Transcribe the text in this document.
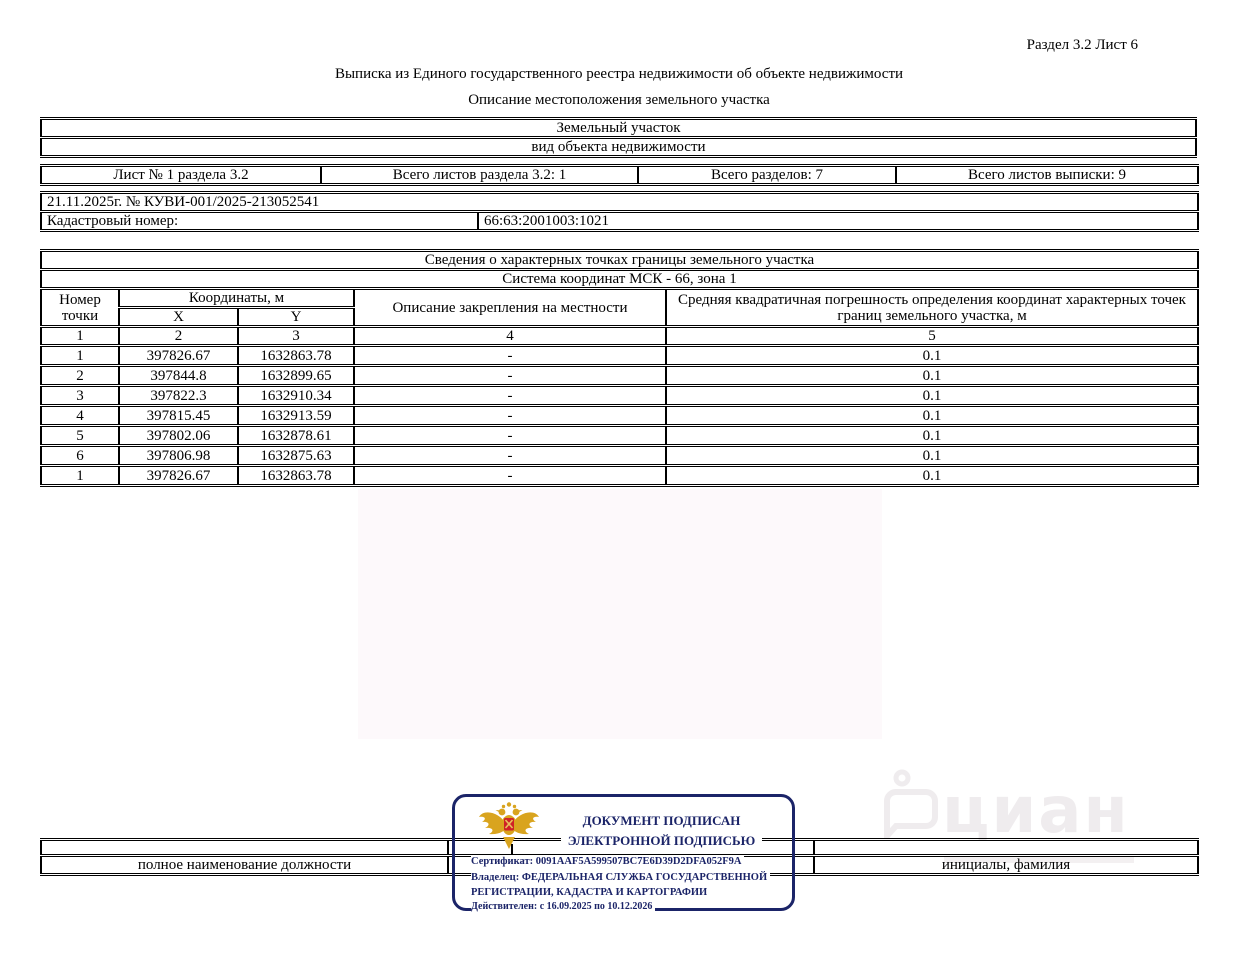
Раздел 3.2 Лист 6
Выписка из Единого государственного реестра недвижимости об объекте недвижимости
Описание местоположения земельного участка
Земельный участок
вид объекта недвижимости
Лист № 1 раздела 3.2	Всего листов раздела 3.2: 1	Всего разделов: 7	Всего листов выписки: 9
21.11.2025г. № КУВИ-001/2025-213052541
Кадастровый номер:	66:63:2001003:1021
Сведения о характерных точках границы земельного участка				
Система координат МСК - 66, зона 1				
Номер точки	Координаты, м		Описание закрепления на местности	Средняя квадратичная погрешность определения координат характерных точек границ земельного участка, м
	X	Y		
1	2	3	4	5
1	397826.67	1632863.78	-	0.1
2	397844.8	1632899.65	-	0.1
3	397822.3	1632910.34	-	0.1
4	397815.45	1632913.59	-	0.1
5	397802.06	1632878.61	-	0.1
6	397806.98	1632875.63	-	0.1
1	397826.67	1632863.78	-	0.1
циан

полное наименование должности		инициалы, фамилия
ДОКУМЕНТ ПОДПИСАН
ЭЛЕКТРОННОЙ ПОДПИСЬЮ
Сертификат: 0091AAF5A599507BC7E6D39D2DFA052F9A
Владелец: ФЕДЕРАЛЬНАЯ СЛУЖБА ГОСУДАРСТВЕННОЙ
РЕГИСТРАЦИИ, КАДАСТРА И КАРТОГРАФИИ
Действителен: с 16.09.2025 по 10.12.2026
